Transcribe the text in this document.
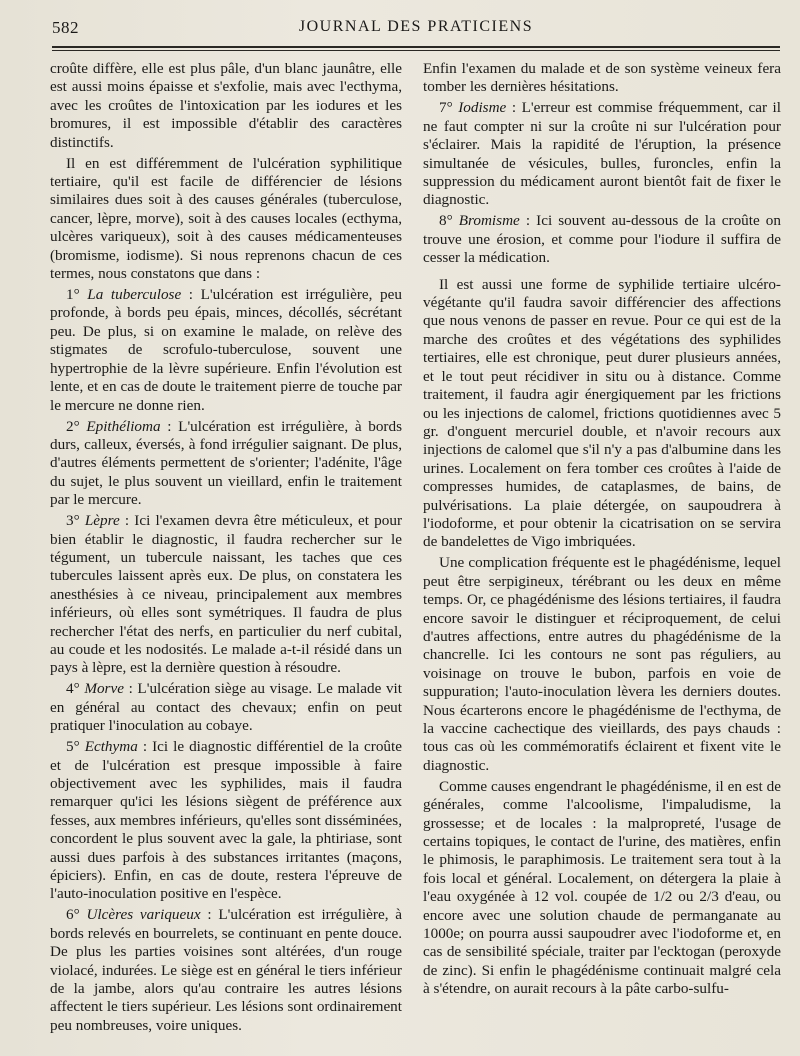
582	JOURNAL DES PRATICIENS

croûte diffère, elle est plus pâle, d'un blanc jaunâtre, elle est aussi moins épaisse et s'exfolie, mais avec l'ecthyma, avec les croûtes de l'intoxication par les iodures et les bromures, il est impossible d'établir des caractères distinctifs.

Il en est différemment de l'ulcération syphilitique tertiaire, qu'il est facile de différencier de lésions similaires dues soit à des causes générales (tuberculose, cancer, lèpre, morve), soit à des causes locales (ecthyma, ulcères variqueux), soit à des causes médicamenteuses (bromisme, iodisme). Si nous reprenons chacun de ces termes, nous constatons que dans :

1° La tuberculose : L'ulcération est irrégulière, peu profonde, à bords peu épais, minces, décollés, sécrétant peu. De plus, si on examine le malade, on relève des stigmates de scrofulo-tuberculose, souvent une hypertrophie de la lèvre supérieure. Enfin l'évolution est lente, et en cas de doute le traitement pierre de touche par le mercure ne donne rien.

2° Epithélioma : L'ulcération est irrégulière, à bords durs, calleux, éversés, à fond irrégulier saignant. De plus, d'autres éléments permettent de s'orienter; l'adénite, l'âge du sujet, le plus souvent un vieillard, enfin le traitement par le mercure.

3° Lèpre : Ici l'examen devra être méticuleux, et pour bien établir le diagnostic, il faudra rechercher sur le tégument, un tubercule naissant, les taches que ces tubercules laissent après eux. De plus, on constatera les anesthésies à ce niveau, principalement aux membres inférieurs, où elles sont symétriques. Il faudra de plus rechercher l'état des nerfs, en particulier du nerf cubital, au coude et les nodosités. Le malade a-t-il résidé dans un pays à lèpre, est la dernière question à résoudre.

4° Morve : L'ulcération siège au visage. Le malade vit en général au contact des chevaux; enfin on peut pratiquer l'inoculation au cobaye.

5° Ecthyma : Ici le diagnostic différentiel de la croûte et de l'ulcération est presque impossible à faire objectivement avec les syphilides, mais il faudra remarquer qu'ici les lésions siègent de préférence aux fesses, aux membres inférieurs, qu'elles sont disséminées, concordent le plus souvent avec la gale, la phtiriase, sont aussi dues parfois à des substances irritantes (maçons, épiciers). Enfin, en cas de doute, restera l'épreuve de l'auto-inoculation positive en l'espèce.

6° Ulcères variqueux : L'ulcération est irrégulière, à bords relevés en bourrelets, se continuant en pente douce. De plus les parties voisines sont altérées, d'un rouge violacé, indurées. Le siège est en général le tiers inférieur de la jambe, alors qu'au contraire les autres lésions affectent le tiers supérieur. Les lésions sont ordinairement peu nombreuses, voire uniques.

Enfin l'examen du malade et de son système veineux fera tomber les dernières hésitations.

7° Iodisme : L'erreur est commise fréquemment, car il ne faut compter ni sur la croûte ni sur l'ulcération pour s'éclairer. Mais la rapidité de l'éruption, la présence simultanée de vésicules, bulles, furoncles, enfin la suppression du médicament auront bientôt fait de fixer le diagnostic.

8° Bromisme : Ici souvent au-dessous de la croûte on trouve une érosion, et comme pour l'iodure il suffira de cesser la médication.

Il est aussi une forme de syphilide tertiaire ulcéro-végétante qu'il faudra savoir différencier des affections que nous venons de passer en revue. Pour ce qui est de la marche des croûtes et des végétations des syphilides tertiaires, elle est chronique, peut durer plusieurs années, et le tout peut récidiver in situ ou à distance. Comme traitement, il faudra agir énergiquement par les frictions ou les injections de calomel, frictions quotidiennes avec 5 gr. d'onguent mercuriel double, et n'avoir recours aux injections de calomel que s'il n'y a pas d'albumine dans les urines. Localement on fera tomber ces croûtes à l'aide de compresses humides, de cataplasmes, de bains, de pulvérisations. La plaie détergée, on saupoudrera à l'iodoforme, et pour obtenir la cicatrisation on se servira de bandelettes de Vigo imbriquées.

Une complication fréquente est le phagédénisme, lequel peut être serpigineux, térébrant ou les deux en même temps. Or, ce phagédénisme des lésions tertiaires, il faudra encore savoir le distinguer et réciproquement, de celui d'autres affections, entre autres du phagédénisme de la chancrelle. Ici les contours ne sont pas réguliers, au voisinage on trouve le bubon, parfois en voie de suppuration; l'auto-inoculation lèvera les derniers doutes. Nous écarterons encore le phagédénisme de l'ecthyma, de la vaccine cachectique des vieillards, des pays chauds : tous cas où les commémoratifs éclairent et fixent vite le diagnostic.

Comme causes engendrant le phagédénisme, il en est de générales, comme l'alcoolisme, l'impaludisme, la grossesse; et de locales : la malpropreté, l'usage de certains topiques, le contact de l'urine, des matières, enfin le phimosis, le paraphimosis. Le traitement sera tout à la fois local et général. Localement, on détergera la plaie à l'eau oxygénée à 12 vol. coupée de 1/2 ou 2/3 d'eau, ou encore avec une solution chaude de permanganate au 1000e; on pourra aussi saupoudrer avec l'iodoforme et, en cas de sensibilité spéciale, traiter par l'ecktogan (peroxyde de zinc). Si enfin le phagédénisme continuait malgré cela à s'étendre, on aurait recours à la pâte carbo-sulfu-
